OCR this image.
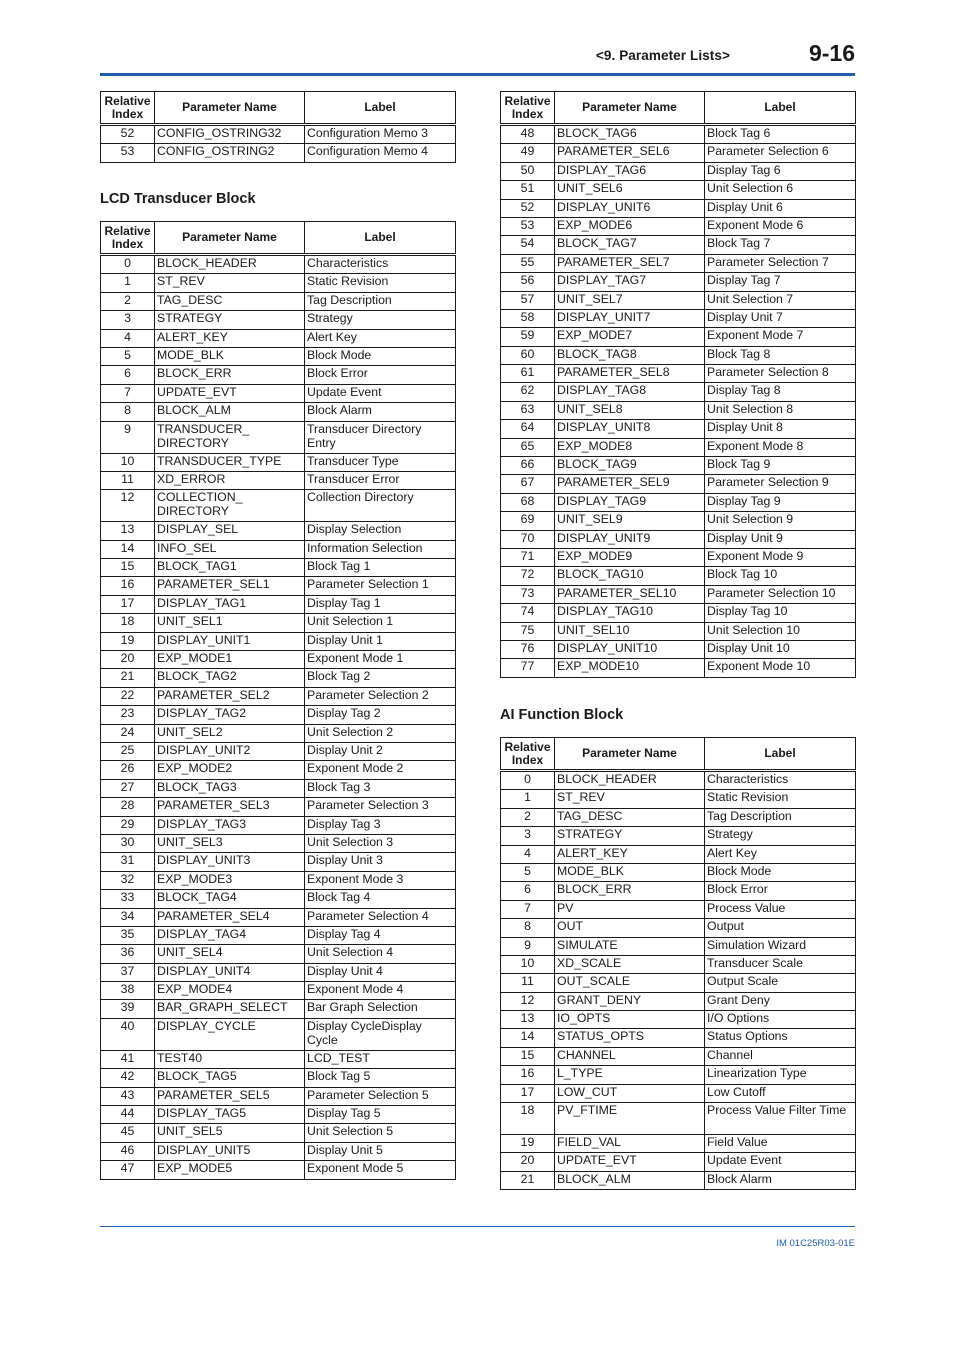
<9. Parameter Lists>	9-16
Relative
Index	Parameter Name	Label
52	CONFIG_OSTRING32	Configuration Memo 3
53	CONFIG_OSTRING2	Configuration Memo 4
LCD Transducer Block
Relative
Index	Parameter Name	Label
0	BLOCK_HEADER	Characteristics
1	ST_REV	Static Revision
2	TAG_DESC	Tag Description
3	STRATEGY	Strategy
4	ALERT_KEY	Alert Key
5	MODE_BLK	Block Mode
6	BLOCK_ERR	Block Error
7	UPDATE_EVT	Update Event
8	BLOCK_ALM	Block Alarm
9	TRANSDUCER_ DIRECTORY	Transducer Directory Entry
10	TRANSDUCER_TYPE	Transducer Type
11	XD_ERROR	Transducer Error
12	COLLECTION_ DIRECTORY	Collection Directory
13	DISPLAY_SEL	Display Selection
14	INFO_SEL	Information Selection
15	BLOCK_TAG1	Block Tag 1
16	PARAMETER_SEL1	Parameter Selection 1
17	DISPLAY_TAG1	Display Tag 1
18	UNIT_SEL1	Unit Selection 1
19	DISPLAY_UNIT1	Display Unit 1
20	EXP_MODE1	Exponent Mode 1
21	BLOCK_TAG2	Block Tag 2
22	PARAMETER_SEL2	Parameter Selection 2
23	DISPLAY_TAG2	Display Tag 2
24	UNIT_SEL2	Unit Selection 2
25	DISPLAY_UNIT2	Display Unit 2
26	EXP_MODE2	Exponent Mode 2
27	BLOCK_TAG3	Block Tag 3
28	PARAMETER_SEL3	Parameter Selection 3
29	DISPLAY_TAG3	Display Tag 3
30	UNIT_SEL3	Unit Selection 3
31	DISPLAY_UNIT3	Display Unit 3
32	EXP_MODE3	Exponent Mode 3
33	BLOCK_TAG4	Block Tag 4
34	PARAMETER_SEL4	Parameter Selection 4
35	DISPLAY_TAG4	Display Tag 4
36	UNIT_SEL4	Unit Selection 4
37	DISPLAY_UNIT4	Display Unit 4
38	EXP_MODE4	Exponent Mode 4
39	BAR_GRAPH_SELECT	Bar Graph Selection
40	DISPLAY_CYCLE	Display CycleDisplay Cycle
41	TEST40	LCD_TEST
42	BLOCK_TAG5	Block Tag 5
43	PARAMETER_SEL5	Parameter Selection 5
44	DISPLAY_TAG5	Display Tag 5
45	UNIT_SEL5	Unit Selection 5
46	DISPLAY_UNIT5	Display Unit 5
47	EXP_MODE5	Exponent Mode 5
Relative
Index	Parameter Name	Label
48	BLOCK_TAG6	Block Tag 6
49	PARAMETER_SEL6	Parameter Selection 6
50	DISPLAY_TAG6	Display Tag 6
51	UNIT_SEL6	Unit Selection 6
52	DISPLAY_UNIT6	Display Unit 6
53	EXP_MODE6	Exponent Mode 6
54	BLOCK_TAG7	Block Tag 7
55	PARAMETER_SEL7	Parameter Selection 7
56	DISPLAY_TAG7	Display Tag 7
57	UNIT_SEL7	Unit Selection 7
58	DISPLAY_UNIT7	Display Unit 7
59	EXP_MODE7	Exponent Mode 7
60	BLOCK_TAG8	Block Tag 8
61	PARAMETER_SEL8	Parameter Selection 8
62	DISPLAY_TAG8	Display Tag 8
63	UNIT_SEL8	Unit Selection 8
64	DISPLAY_UNIT8	Display Unit 8
65	EXP_MODE8	Exponent Mode 8
66	BLOCK_TAG9	Block Tag 9
67	PARAMETER_SEL9	Parameter Selection 9
68	DISPLAY_TAG9	Display Tag 9
69	UNIT_SEL9	Unit Selection 9
70	DISPLAY_UNIT9	Display Unit 9
71	EXP_MODE9	Exponent Mode 9
72	BLOCK_TAG10	Block Tag 10
73	PARAMETER_SEL10	Parameter Selection 10
74	DISPLAY_TAG10	Display Tag 10
75	UNIT_SEL10	Unit Selection 10
76	DISPLAY_UNIT10	Display Unit 10
77	EXP_MODE10	Exponent Mode 10
AI Function Block
Relative
Index	Parameter Name	Label
0	BLOCK_HEADER	Characteristics
1	ST_REV	Static Revision
2	TAG_DESC	Tag Description
3	STRATEGY	Strategy
4	ALERT_KEY	Alert Key
5	MODE_BLK	Block Mode
6	BLOCK_ERR	Block Error
7	PV	Process Value
8	OUT	Output
9	SIMULATE	Simulation Wizard
10	XD_SCALE	Transducer Scale
11	OUT_SCALE	Output Scale
12	GRANT_DENY	Grant Deny
13	IO_OPTS	I/O Options
14	STATUS_OPTS	Status Options
15	CHANNEL	Channel
16	L_TYPE	Linearization Type
17	LOW_CUT	Low Cutoff
18	PV_FTIME	Process Value Filter Time
19	FIELD_VAL	Field Value
20	UPDATE_EVT	Update Event
21	BLOCK_ALM	Block Alarm
IM 01C25R03-01E
